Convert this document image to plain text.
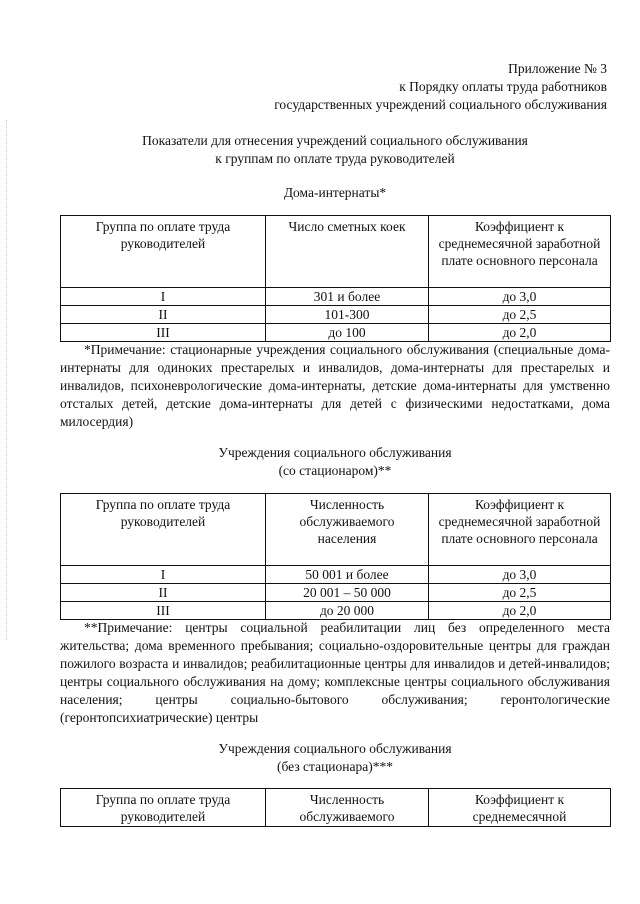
Приложение № 3
к Порядку оплаты труда работников
государственных учреждений социального обслуживания
Показатели для отнесения учреждений социального обслуживания
к группам по оплате труда руководителей
Дома-интернаты*
Группа по оплате труда руководителей	Число сметных коек	Коэффициент к среднемесячной заработной плате основного персонала
I	301 и более	до 3,0
II	101-300	до 2,5
III	до 100	до 2,0

*Примечание: стационарные учреждения социального обслуживания (специальные дома-интернаты для одиноких престарелых и инвалидов, дома-интернаты для престарелых и инвалидов, психоневрологические дома-интернаты, детские дома-интернаты для умственно отсталых детей, детские дома-интернаты для детей с физическими недостатками, дома милосердия)

Учреждения социального обслуживания
(со стационаром)**
Группа по оплате труда руководителей	Численность обслуживаемого населения	Коэффициент к среднемесячной заработной плате основного персонала
I	50 001 и более	до 3,0
II	20 001 – 50 000	до 2,5
III	до 20 000	до 2,0

**Примечание: центры социальной реабилитации лиц без определенного места жительства; дома временного пребывания; социально-оздоровительные центры для граждан пожилого возраста и инвалидов; реабилитационные центры для инвалидов и детей-инвалидов; центры социального обслуживания на дому; комплексные центры социального обслуживания населения; центры социально-бытового обслуживания; геронтологические (геронтопсихиатрические) центры

Учреждения социального обслуживания
(без стационара)***
Группа по оплате труда руководителей	Численность обслуживаемого	Коэффициент к среднемесячной
